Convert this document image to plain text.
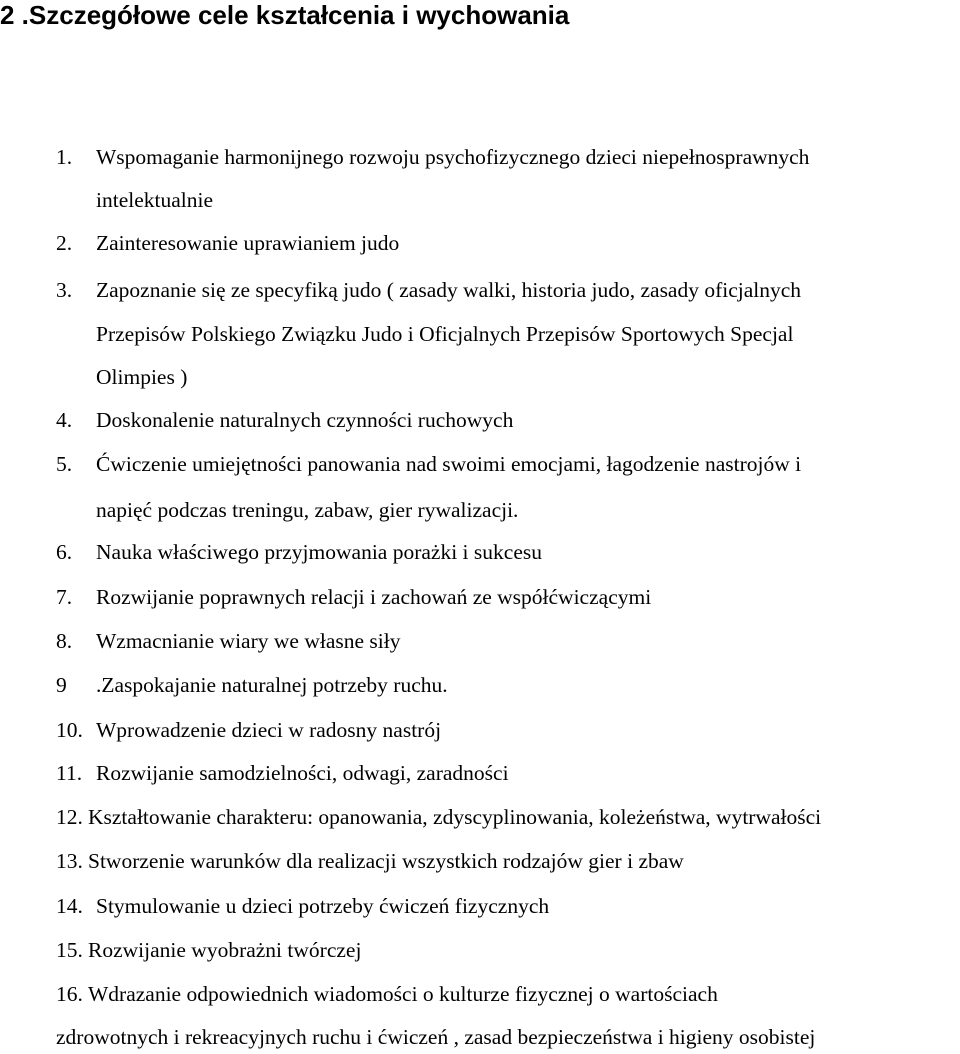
2 .Szczegółowe cele kształcenia i wychowania
1. Wspomaganie harmonijnego rozwoju psychofizycznego dzieci niepełnosprawnych
intelektualnie
2. Zainteresowanie uprawianiem judo
3. Zapoznanie się ze specyfiką judo ( zasady walki, historia judo, zasady oficjalnych
Przepisów Polskiego Związku Judo i Oficjalnych Przepisów Sportowych Specjal
Olimpies )
4. Doskonalenie naturalnych czynności ruchowych
5. Ćwiczenie umiejętności panowania nad swoimi emocjami, łagodzenie nastrojów i
napięć podczas treningu, zabaw, gier rywalizacji.
6. Nauka właściwego przyjmowania porażki i sukcesu
7. Rozwijanie poprawnych relacji i zachowań ze współćwiczącymi
8. Wzmacnianie wiary we własne siły
9 .Zaspokajanie naturalnej potrzeby ruchu.
10. Wprowadzenie dzieci w radosny nastrój
11. Rozwijanie samodzielności, odwagi, zaradności
12. Kształtowanie charakteru: opanowania, zdyscyplinowania, koleżeństwa, wytrwałości
13. Stworzenie warunków dla realizacji wszystkich rodzajów gier i zbaw
14. Stymulowanie u dzieci potrzeby ćwiczeń fizycznych
15. Rozwijanie wyobrażni twórczej
16. Wdrazanie odpowiednich wiadomości o kulturze fizycznej o wartościach
zdrowotnych i rekreacyjnych ruchu i ćwiczeń , zasad bezpieczeństwa i higieny osobistej
